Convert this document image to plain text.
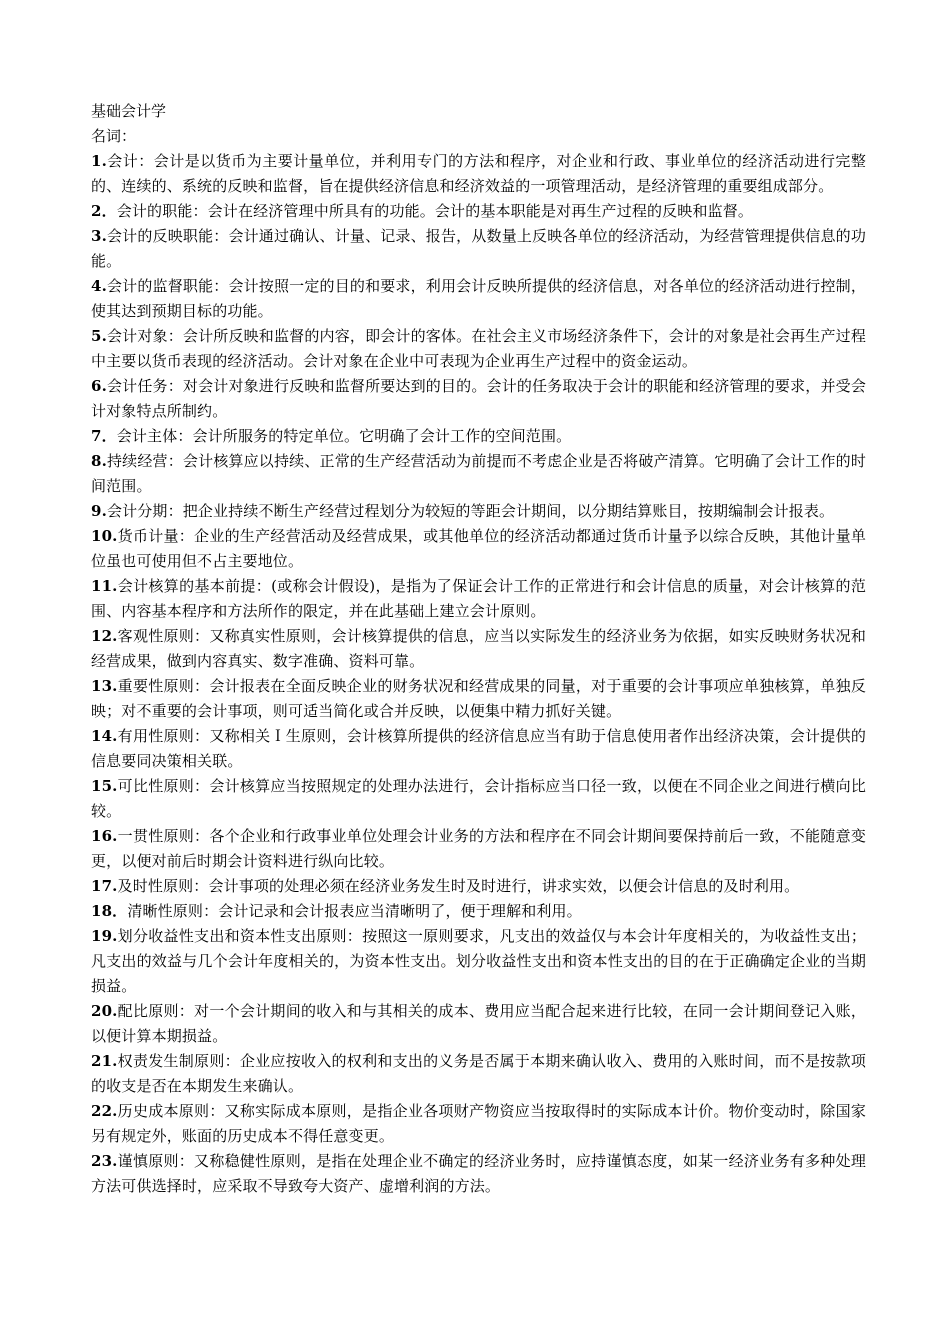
基础会计学
名词：
1.会计：会计是以货币为主要计量单位，并利用专门的方法和程序，对企业和行政、事业单位的经济活动进行完整的、连续的、系统的反映和监督，旨在提供经济信息和经济效益的一项管理活动，是经济管理的重要组成部分。
2．会计的职能：会计在经济管理中所具有的功能。会计的基本职能是对再生产过程的反映和监督。
3.会计的反映职能：会计通过确认、计量、记录、报告，从数量上反映各单位的经济活动，为经营管理提供信息的功能。
4.会计的监督职能：会计按照一定的目的和要求，利用会计反映所提供的经济信息，对各单位的经济活动进行控制，使其达到预期目标的功能。
5.会计对象：会计所反映和监督的内容，即会计的客体。在社会主义市场经济条件下，会计的对象是社会再生产过程中主要以货币表现的经济活动。会计对象在企业中可表现为企业再生产过程中的资金运动。
6.会计任务：对会计对象进行反映和监督所要达到的目的。会计的任务取决于会计的职能和经济管理的要求，并受会计对象特点所制约。
7．会计主体：会计所服务的特定单位。它明确了会计工作的空间范围。
8.持续经营：会计核算应以持续、正常的生产经营活动为前提而不考虑企业是否将破产清算。它明确了会计工作的时间范围。
9.会计分期：把企业持续不断生产经营过程划分为较短的等距会计期间，以分期结算账目，按期编制会计报表。
10.货币计量：企业的生产经营活动及经营成果，或其他单位的经济活动都通过货币计量予以综合反映，其他计量单位虽也可使用但不占主要地位。
11.会计核算的基本前提：(或称会计假设)，是指为了保证会计工作的正常进行和会计信息的质量，对会计核算的范围、内容基本程序和方法所作的限定，并在此基础上建立会计原则。
12.客观性原则：又称真实性原则，会计核算提供的信息，应当以实际发生的经济业务为依据，如实反映财务状况和经营成果，做到内容真实、数字准确、资料可靠。
13.重要性原则：会计报表在全面反映企业的财务状况和经营成果的同量，对于重要的会计事项应单独核算，单独反映；对不重要的会计事项，则可适当简化或合并反映，以便集中精力抓好关键。
14.有用性原则：又称相关Ｉ生原则，会计核算所提供的经济信息应当有助于信息使用者作出经济决策，会计提供的信息要同决策相关联。
15.可比性原则：会计核算应当按照规定的处理办法进行，会计指标应当口径一致，以便在不同企业之间进行横向比较。
16.一贯性原则：各个企业和行政事业单位处理会计业务的方法和程序在不同会计期间要保持前后一致，不能随意变更，以便对前后时期会计资料进行纵向比较。
17.及时性原则：会计事项的处理必须在经济业务发生时及时进行，讲求实效，以便会计信息的及时利用。
18．清晰性原则：会计记录和会计报表应当清晰明了，便于理解和利用。
19.划分收益性支出和资本性支出原则：按照这一原则要求，凡支出的效益仅与本会计年度相关的，为收益性支出；凡支出的效益与几个会计年度相关的，为资本性支出。划分收益性支出和资本性支出的目的在于正确确定企业的当期损益。
20.配比原则：对一个会计期间的收入和与其相关的成本、费用应当配合起来进行比较，在同一会计期间登记入账，以便计算本期损益。
21.权责发生制原则：企业应按收入的权利和支出的义务是否属于本期来确认收入、费用的入账时间，而不是按款项的收支是否在本期发生来确认。
22.历史成本原则：又称实际成本原则，是指企业各项财产物资应当按取得时的实际成本计价。物价变动时，除国家另有规定外，账面的历史成本不得任意变更。
23.谨慎原则：又称稳健性原则，是指在处理企业不确定的经济业务时，应持谨慎态度，如某一经济业务有多种处理方法可供选择时，应采取不导致夸大资产、虚增利润的方法。
